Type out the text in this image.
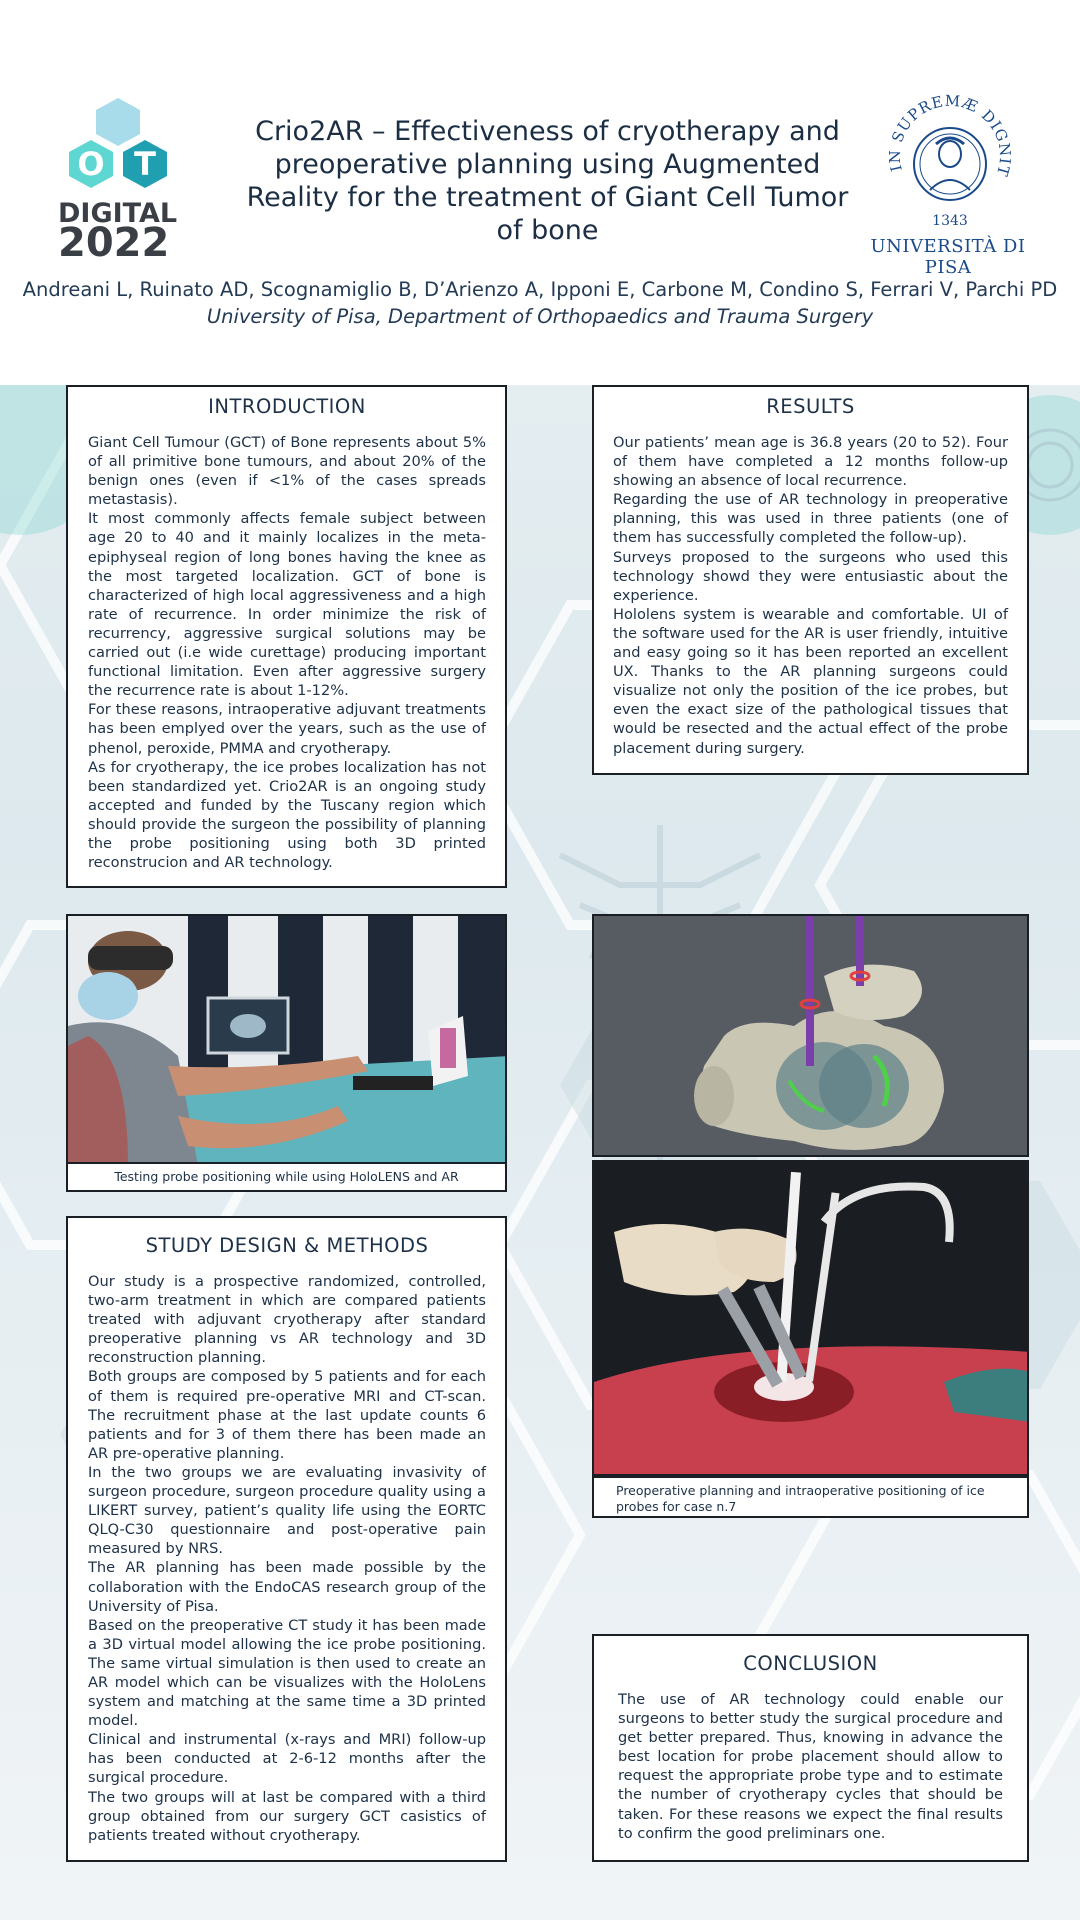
O T
DIGITAL
2022
Crio2AR – Effectiveness of cryotherapy and preoperative planning using Augmented Reality for the treatment of Giant Cell Tumor of bone
IN SUPREMÆ DIGNIT
1343
UNIVERSITÀ DI PISA
Andreani L, Ruinato AD, Scognamiglio B, D’Arienzo A, Ipponi E, Carbone M, Condino S, Ferrari V, Parchi PD
University of Pisa, Department of Orthopaedics and Trauma Surgery
INTRODUCTION

Giant Cell Tumour (GCT) of Bone represents about 5% of all primitive bone tumours, and about 20% of the benign ones (even if <1% of the cases spreads metastasis).

It most commonly affects female subject between age 20 to 40 and it mainly localizes in the meta-epiphyseal region of long bones having the knee as the most targeted localization. GCT of bone is characterized of high local aggressiveness and a high rate of recurrence. In order minimize the risk of recurrency, aggressive surgical solutions may be carried out (i.e wide curettage) producing important functional limitation. Even after aggressive surgery the recurrence rate is about 1-12%.

For these reasons, intraoperative adjuvant treatments has been emplyed over the years, such as the use of phenol, peroxide, PMMA and cryotherapy.

As for cryotherapy, the ice probes localization has not been standardized yet. Crio2AR is an ongoing study accepted and funded by the Tuscany region which should provide the surgeon the possibility of planning the probe positioning using both 3D printed reconstrucion and AR technology.

RESULTS

Our patients’ mean age is 36.8 years (20 to 52). Four of them have completed a 12 months follow-up showing an absence of local recurrence.

Regarding the use of AR technology in preoperative planning, this was used in three patients (one of them has successfully completed the follow-up).

Surveys proposed to the surgeons who used this technology showd they were entusiastic about the experience.

Hololens system is wearable and comfortable. UI of the software used for the AR is user friendly, intuitive and easy going so it has been reported an excellent UX. Thanks to the AR planning surgeons could visualize not only the position of the ice probes, but even the exact size of the pathological tissues that would be resected and the actual effect of the probe placement during surgery.

Testing probe positioning while using HoloLENS and AR
Preoperative planning and intraoperative positioning of ice probes for case n.7
STUDY DESIGN & METHODS

Our study is a prospective randomized, controlled, two-arm treatment in which are compared patients treated with adjuvant cryotherapy after standard preoperative planning vs AR technology and 3D reconstruction planning.

Both groups are composed by 5 patients and for each of them is required pre-operative MRI and CT-scan. The recruitment phase at the last update counts 6 patients and for 3 of them there has been made an AR pre-operative planning.

In the two groups we are evaluating invasivity of surgeon procedure, surgeon procedure quality using a LIKERT survey, patient’s quality life using the EORTC QLQ-C30 questionnaire and post-operative pain measured by NRS.

The AR planning has been made possible by the collaboration with the EndoCAS research group of the University of Pisa.

Based on the preoperative CT study it has been made a 3D virtual model allowing the ice probe positioning. The same virtual simulation is then used to create an AR model which can be visualizes with the HoloLens system and matching at the same time a 3D printed model.

Clinical and instrumental (x-rays and MRI) follow-up has been conducted at 2-6-12 months after the surgical procedure.

The two groups will at last be compared with a third group obtained from our surgery GCT casistics of patients treated without cryotherapy.

CONCLUSION

The use of AR technology could enable our surgeons to better study the surgical procedure and get better prepared. Thus, knowing in advance the best location for probe placement should allow to request the appropriate probe type and to estimate the number of cryotherapy cycles that should be taken. For these reasons we expect the final results to confirm the good preliminars one.
